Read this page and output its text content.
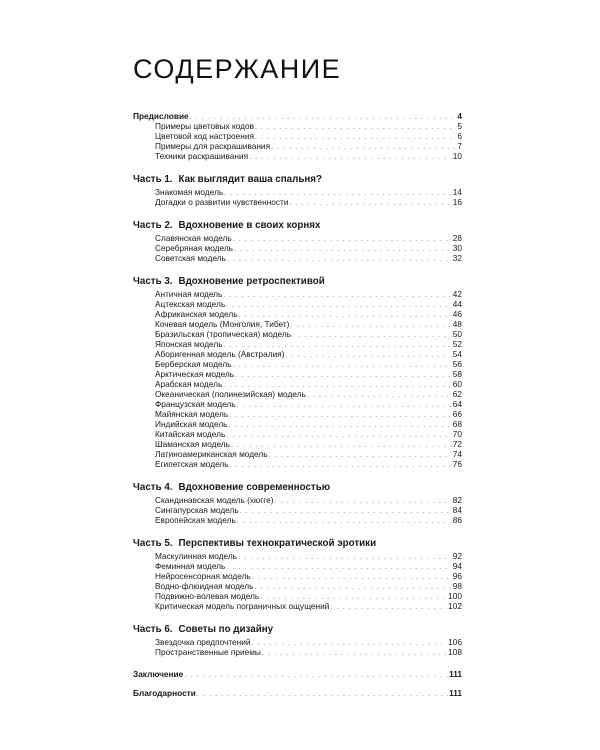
СОДЕРЖАНИЕ
Предисловие . . .	4
Примеры цветовых кодов . . .	5
Цветовой код настроения . . .	6
Примеры для раскрашивания . . .	7
Техники раскрашивания . . .	10
Часть 1. Как выглядит ваша спальня?
Знакомая модель . . .	14
Догадки о развитии чувственности . . .	16
Часть 2. Вдохновение в своих корнях
Славянская модель . . .	28
Серебряная модель . . .	30
Советская модель . . .	32
Часть 3. Вдохновение ретроспективой
Античная модель . . .	42
Ацтекская модель . . .	44
Африканская модель . . .	46
Кочевая модель (Монголия, Тибет) . . .	48
Бразильская (тропическая) модель . . .	50
Японская модель . . .	52
Аборигенная модель (Австралия) . . .	54
Берберская модель . . .	56
Арктическая модель . . .	58
Арабская модель . . .	60
Океаническая (полинезийская) модель . . .	62
Французская модель . . .	64
Майянская модель . . .	66
Индийская модель . . .	68
Китайская модель . . .	70
Шаманская модель . . .	72
Латиноамериканская модель . . .	74
Египетская модель . . .	76
Часть 4. Вдохновение современностью
Скандинавская модель (хюгге) . . .	82
Сингапурская модель . . .	84
Европейская модель . . .	86
Часть 5. Перспективы технократической эротики
Маскулинная модель . . .	92
Феминная модель . . .	94
Нейросенсорная модель . . .	96
Водно-флюидная модель . . .	98
Подвижно-волевая модель . . .	100
Критическая модель пограничных ощущений . . .	102
Часть 6. Советы по дизайну
Звездочка предпочтений . . .	106
Пространственные приемы . . .	108
Заключение . . .	111
Благодарности . . .	111
